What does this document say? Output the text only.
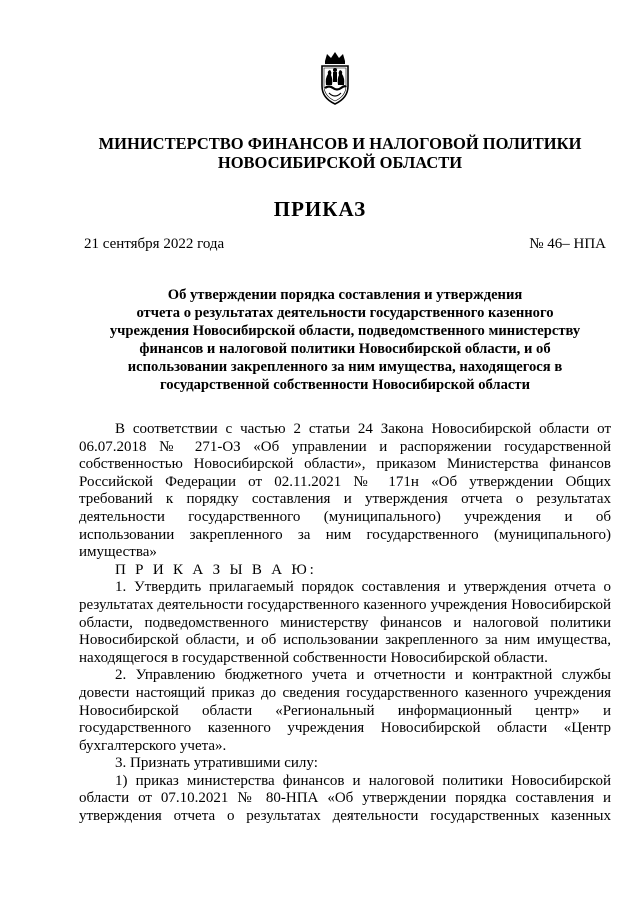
МИНИСТЕРСТВО ФИНАНСОВ И НАЛОГОВОЙ ПОЛИТИКИ
НОВОСИБИРСКОЙ ОБЛАСТИ
ПРИКАЗ
21 сентября 2022 года	№ 46– НПА
Об утверждении порядка составления и утверждения
отчета о результатах деятельности государственного казенного
учреждения Новосибирской области, подведомственного министерству
финансов и налоговой политики Новосибирской области, и об
использовании закрепленного за ним имущества, находящегося в
государственной собственности Новосибирской области

В соответствии с частью 2 статьи 24 Закона Новосибирской области от 06.07.2018 № 271-ОЗ «Об управлении и распоряжении государственной собственностью Новосибирской области», приказом Министерства финансов Российской Федерации от 02.11.2021 № 171н «Об утверждении Общих требований к порядку составления и утверждения отчета о результатах деятельности государственного (муниципального) учреждения и об использовании закрепленного за ним государственного (муниципального) имущества»

П Р И К А З Ы В А Ю:

1. Утвердить прилагаемый порядок составления и утверждения отчета о результатах деятельности государственного казенного учреждения Новосибирской области, подведомственного министерству финансов и налоговой политики Новосибирской области, и об использовании закрепленного за ним имущества, находящегося в государственной собственности Новосибирской области.

2. Управлению бюджетного учета и отчетности и контрактной службы довести настоящий приказ до сведения государственного казенного учреждения Новосибирской области «Региональный информационный центр» и государственного казенного учреждения Новосибирской области «Центр бухгалтерского учета».

3. Признать утратившими силу:

1) приказ министерства финансов и налоговой политики Новосибирской области от 07.10.2021 № 80-НПА «Об утверждении порядка составления и утверждения отчета о результатах деятельности государственных казенных
